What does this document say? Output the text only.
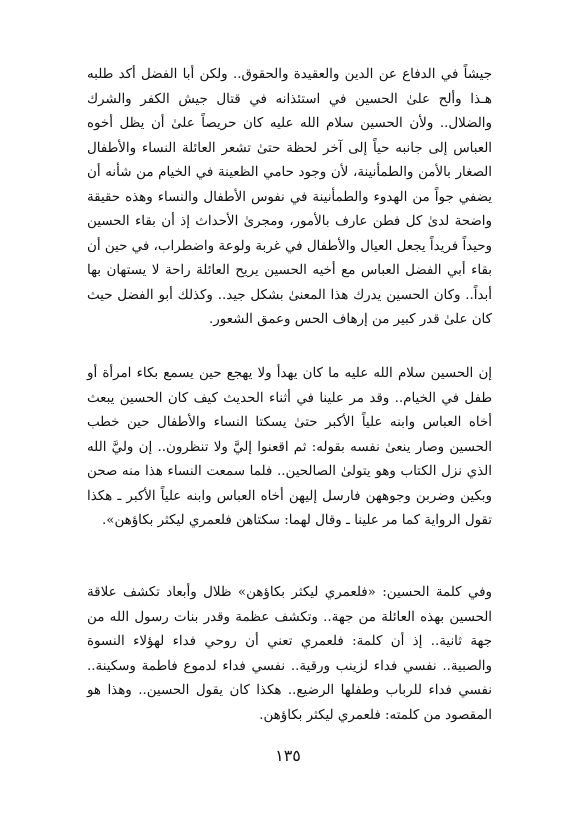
جيشاً في الدفاع عن الدين والعقيدة والحقوق.. ولكن أبا الفضل أكد طلبه هـذا وألح علىٰ الحسين في استئذانه في قتال جيش الكفر والشرك والضلال.. ولأن الحسين سلام الله عليه كان حريصاً علىٰ أن يظل أخوه العباس إلى جانبه حياً إلى آخر لحظة حتىٰ تشعر العائلة النساء والأطفال الصغار بالأمن والطمأنينة، لأن وجود حامي الظعينة في الخيام من شأنه أن يضفي جواً من الهدوء والطمأنينة في نفوس الأطفال والنساء وهذه حقيقة واضحة لدىٰ كل فطن عارف بالأمور، ومجرىٰ الأحداث إذ أن بقاء الحسين وحيداً فريداً يجعل العيال والأطفال في غربة ولوعة واضطراب، في حين أن بقاء أبي الفضل العباس مع أخيه الحسين يريح العائلة راحة لا يستهان بها أبداً.. وكان الحسين يدرك هذا المعنىٰ بشكل جيد.. وكذلك أبو الفضل حيث كان علىٰ قدر كبير من إرهاف الحس وعمق الشعور.

إن الحسين سلام الله عليه ما كان يهدأ ولا يهجع حين يسمع بكاء امرأة أو طفل في الخيام.. وقد مر علينا في أثناء الحديث كيف كان الحسين يبعث أخاه العباس وابنه علياً الأكبر حتىٰ يسكتا النساء والأطفال حين خطب الحسين وصار ينعىٰ نفسه بقوله: ثم اقعنوا إليَّ ولا تنظرون.. إن وليَّ الله الذي نزل الكتاب وهو يتولىٰ الصالحين.. فلما سمعت النساء هذا منه صحن وبكين وضربن وجوههن فارسل إليهن أخاه العباس وابنه علياً الأكبر ـ هكذا تقول الرواية كما مر علينا ـ وقال لهما: سكتاهن فلعمري ليكثر بكاؤهن».

وفي كلمة الحسين: «فلعمري ليكثر بكاؤهن» ظلال وأبعاد تكشف علاقة الحسين بهذه العائلة من جهة.. وتكشف عظمة وقدر بنات رسول الله من جهة ثانية.. إذ أن كلمة: فلعمري تعني أن روحي فداء لهؤلاء النسوة والصبية.. نفسي فداء لزينب ورقية.. نفسي فداء لدموع فاطمة وسكينة.. نفسي فداء للرباب وطفلها الرضيع.. هكذا كان يقول الحسين.. وهذا هو المقصود من كلمته: فلعمري ليكثر بكاؤهن.

١٣٥
